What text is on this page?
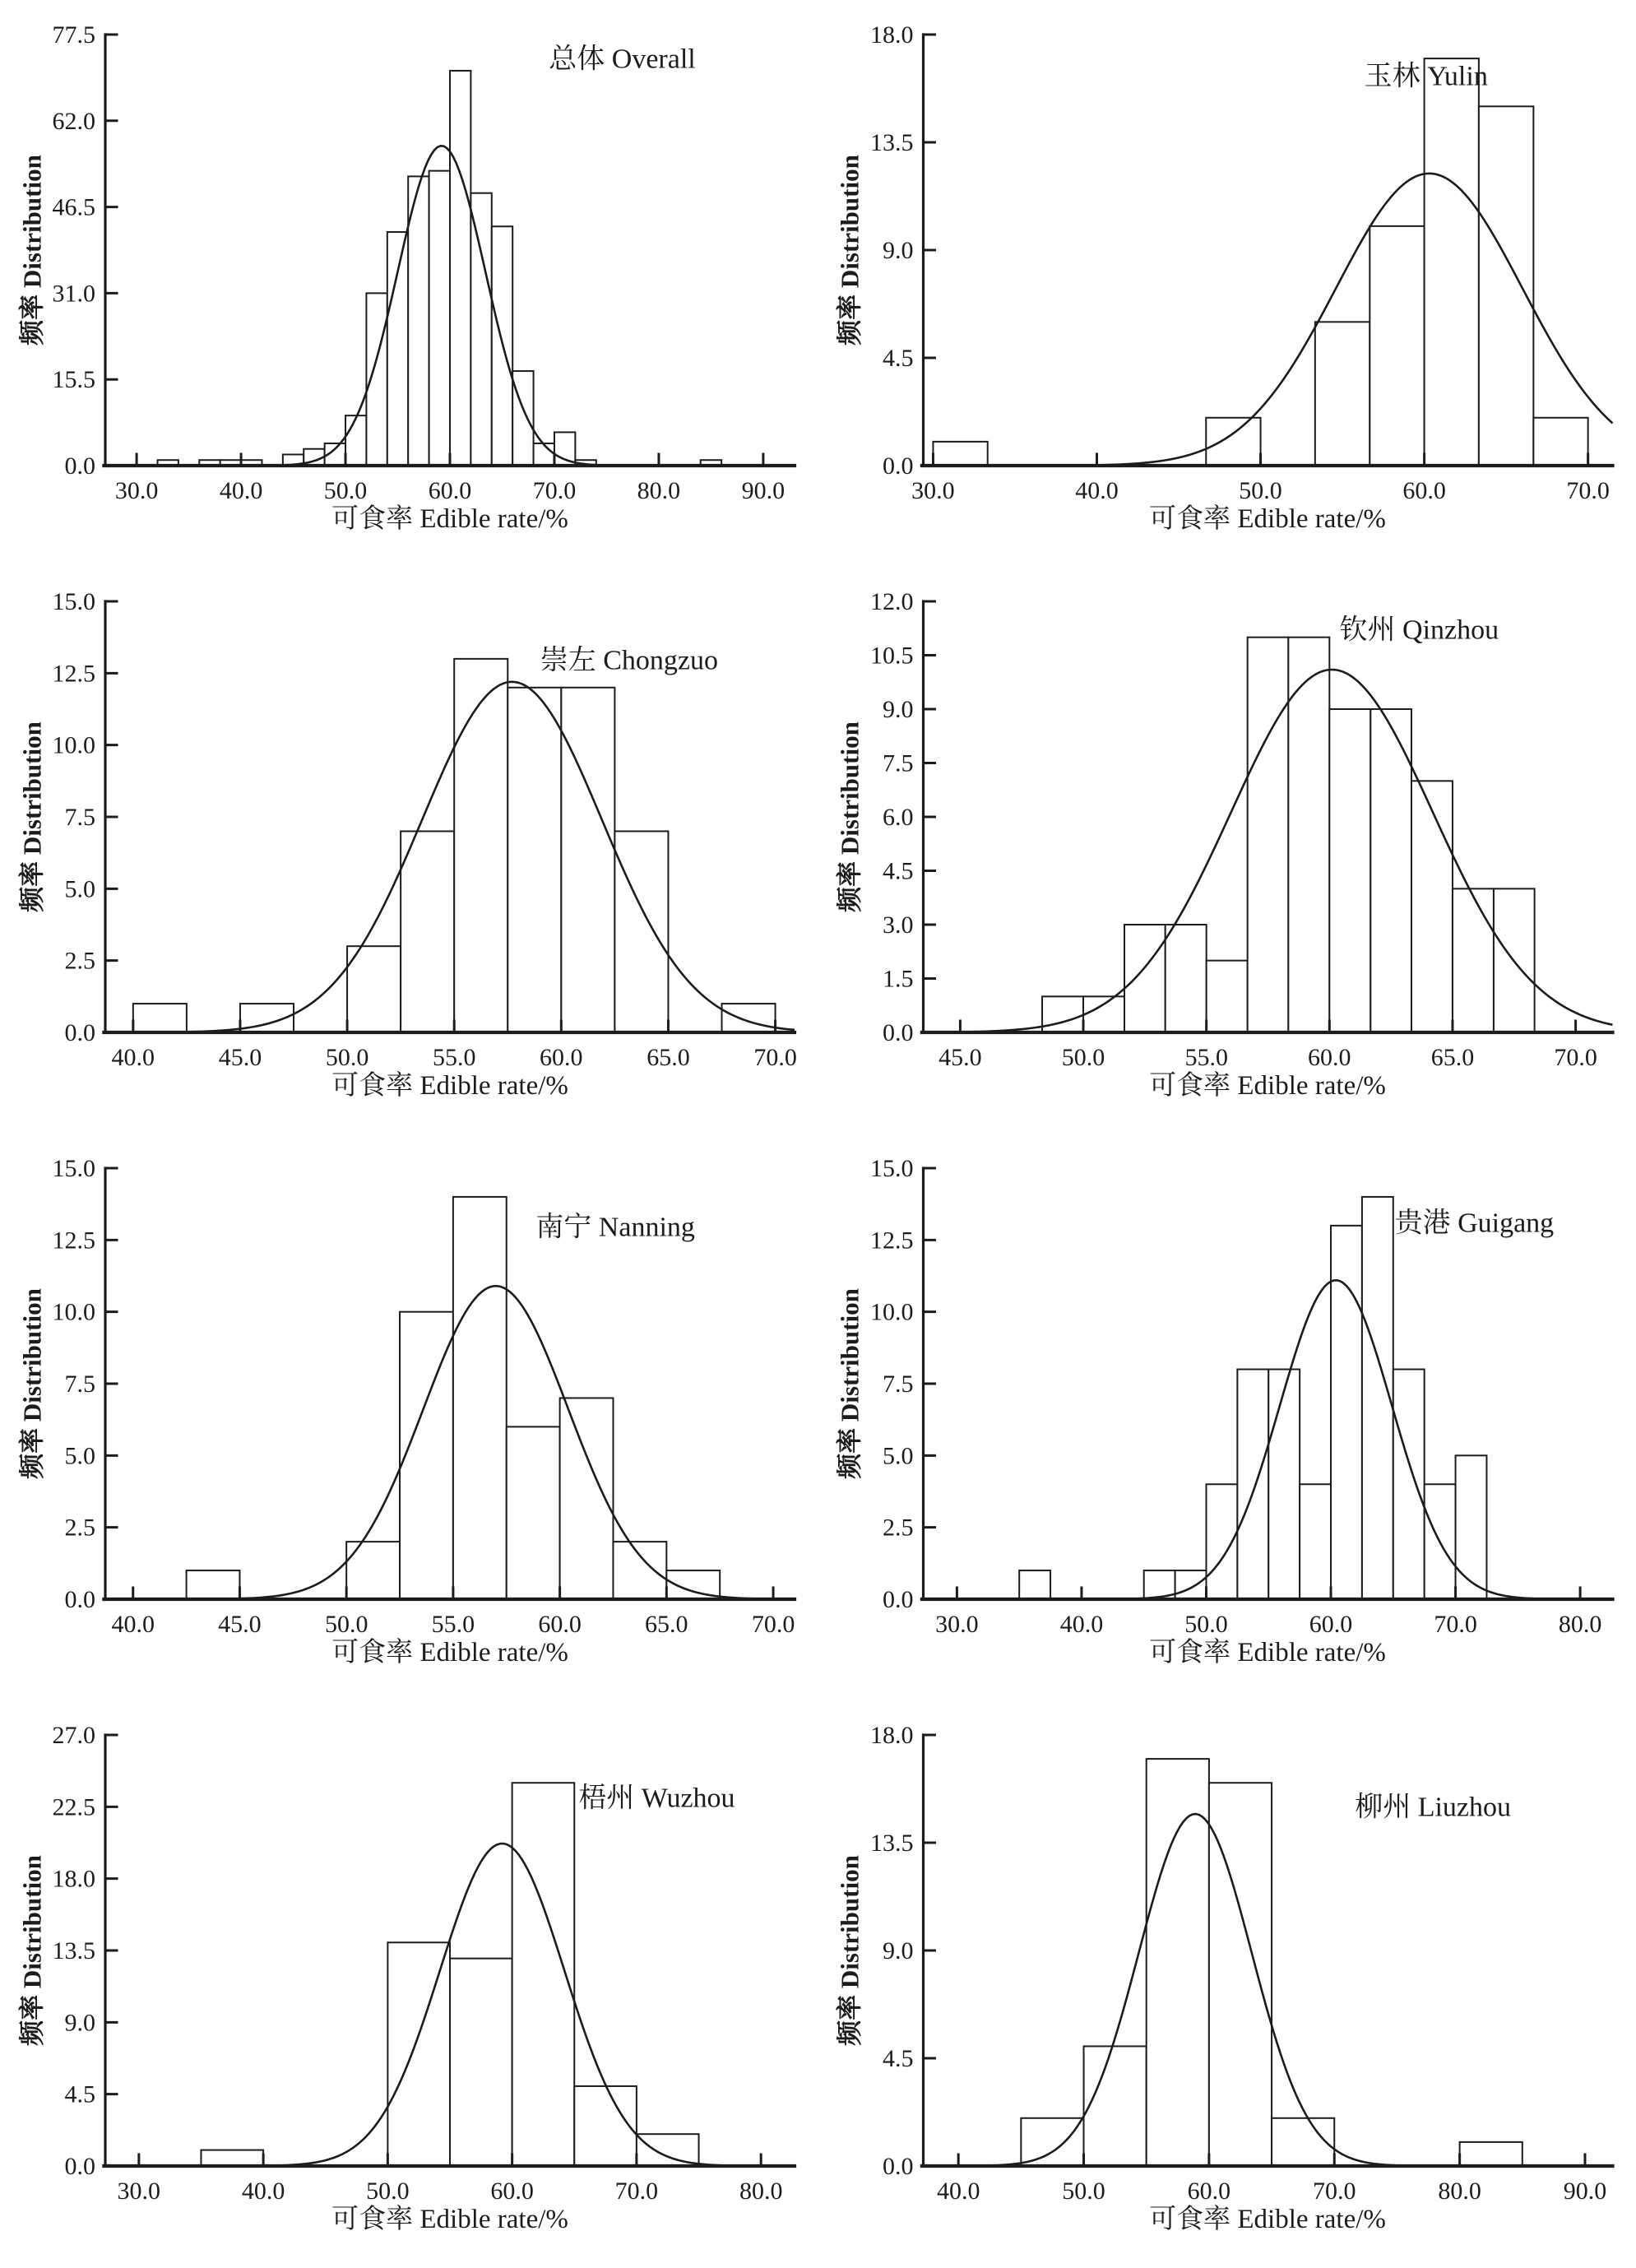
30.0 40.0 50.0 60.0 70.0 80.0 90.0
0.0
15.5
31.0
46.5
62.0
77.5
总体 Overall
可食率 Edible rate/%
频率 Distribution
30.0	40.0	50.0	60.0	70.0
0.0
4.5
9.0
13.5
18.0
玉林 Yulin
可食率 Edible rate/%
频率 Distribution
40.0	45.0	50.0	55.0	60.0	65.0	70.0
0.0
2.5
5.0
7.5
10.0
12.5
15.0
崇左 Chongzuo
可食率 Edible rate/%
频率 Distribution
45.0	50.0	55.0	60.0	65.0	70.0
0.0
1.5
3.0
4.5
6.0
7.5
9.0
10.5
12.0
钦州 Qinzhou
可食率 Edible rate/%
频率 Distribution
40.0	45.0	50.0	55.0	60.0	65.0	70.0
0.0
2.5
5.0
7.5
10.0
12.5
15.0
南宁 Nanning
可食率 Edible rate/%
频率 Distribution
30.0	40.0	50.0	60.0	70.0	80.0
0.0
2.5
5.0
7.5
10.0
12.5
15.0
贵港 Guigang
可食率 Edible rate/%
频率 Distribution
30.0	40.0	50.0	60.0	70.0	80.0
0.0
4.5
9.0
13.5
18.0
22.5
27.0
梧州 Wuzhou
可食率 Edible rate/%
频率 Distribution
40.0	50.0	60.0	70.0	80.0	90.0
0.0
4.5
9.0
13.5
18.0
柳州 Liuzhou
可食率 Edible rate/%
频率 Distribution
